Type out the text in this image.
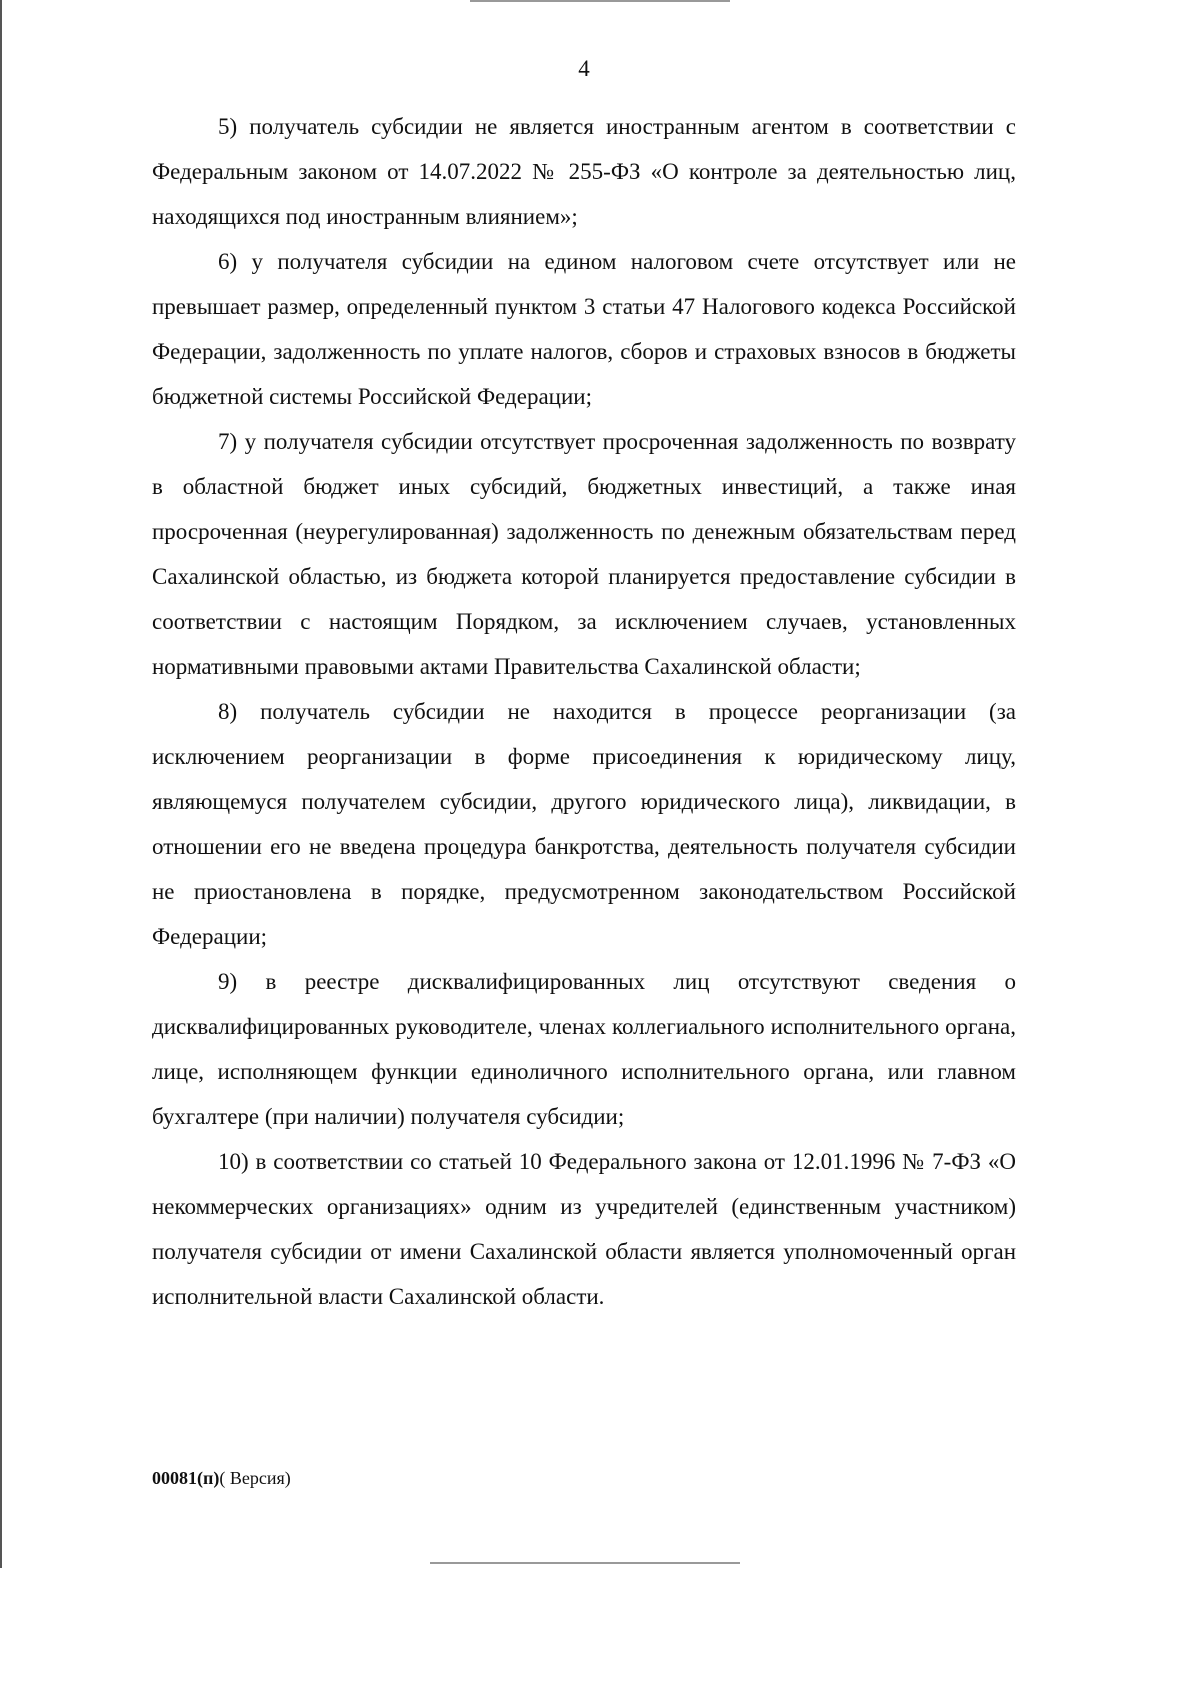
4

5) получатель субсидии не является иностранным агентом в соответствии с Федеральным законом от 14.07.2022 № 255-ФЗ «О контроле за деятельностью лиц, находящихся под иностранным влиянием»;

6) у получателя субсидии на едином налоговом счете отсутствует или не превышает размер, определенный пунктом 3 статьи 47 Налогового кодекса Российской Федерации, задолженность по уплате налогов, сборов и страховых взносов в бюджеты бюджетной системы Российской Федерации;

7) у получателя субсидии отсутствует просроченная задолженность по возврату в областной бюджет иных субсидий, бюджетных инвестиций, а также иная просроченная (неурегулированная) задолженность по денежным обязательствам перед Сахалинской областью, из бюджета которой планируется предоставление субсидии в соответствии с настоящим Порядком, за исключением случаев, установленных нормативными правовыми актами Правительства Сахалинской области;

8) получатель субсидии не находится в процессе реорганизации (за исключением реорганизации в форме присоединения к юридическому лицу, являющемуся получателем субсидии, другого юридического лица), ликвидации, в отношении его не введена процедура банкротства, деятельность получателя субсидии не приостановлена в порядке, предусмотренном законодательством Российской Федерации;

9) в реестре дисквалифицированных лиц отсутствуют сведения о дисквалифицированных руководителе, членах коллегиального исполнительного органа, лице, исполняющем функции единоличного исполнительного органа, или главном бухгалтере (при наличии) получателя субсидии;

10) в соответствии со статьей 10 Федерального закона от 12.01.1996 № 7-ФЗ «О некоммерческих организациях» одним из учредителей (единственным участником) получателя субсидии от имени Сахалинской области является уполномоченный орган исполнительной власти Сахалинской области.

00081(п)( Версия)
